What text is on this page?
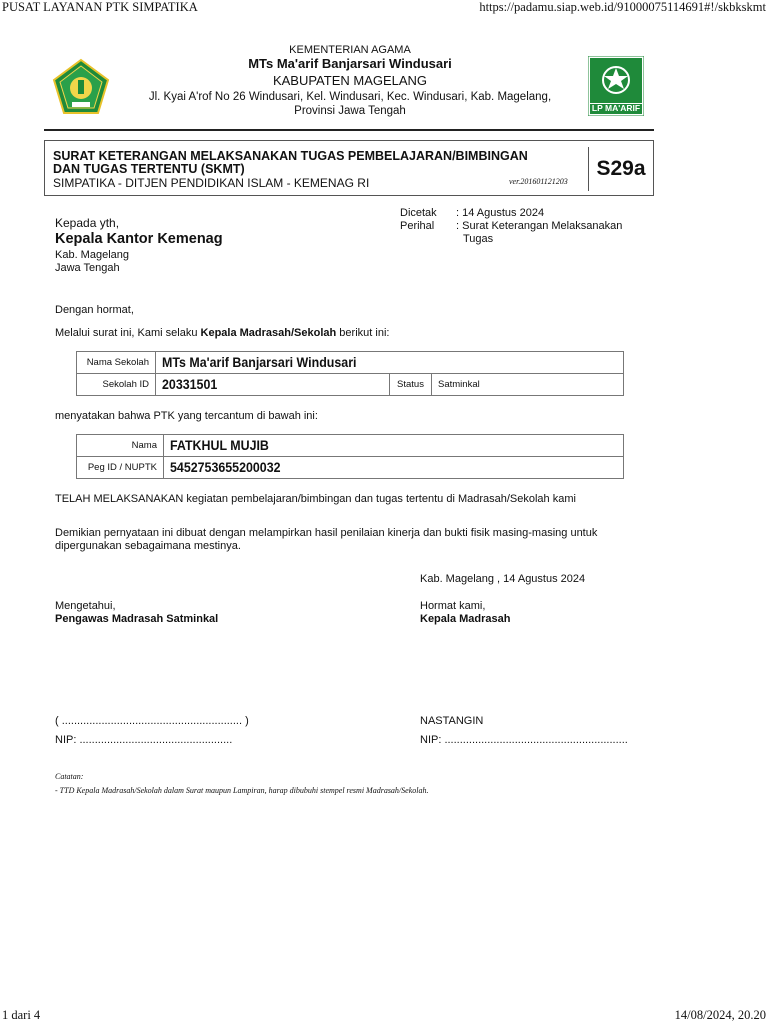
PUSAT LAYANAN PTK SIMPATIKA	https://padamu.siap.web.id/91000075114691#!/skbkskmt
LP MA'ARIF
KEMENTERIAN AGAMA
MTs Ma'arif Banjarsari Windusari
KABUPATEN MAGELANG
Jl. Kyai A'rof No 26 Windusari, Kel. Windusari, Kec. Windusari, Kab. Magelang,
Provinsi Jawa Tengah
SURAT KETERANGAN MELAKSANAKAN TUGAS PEMBELAJARAN/BIMBINGAN
DAN TUGAS TERTENTU (SKMT)
SIMPATIKA - DITJEN PENDIDIKAN ISLAM - KEMENAG RI	ver.201601121203
S29a
Kepada yth,
Kepala Kantor Kemenag
Kab. Magelang
Jawa Tengah
Dicetak : 14 Agustus 2024
Perihal : Surat Keterangan Melaksanakan
Tugas
Dengan hormat,
Melalui surat ini, Kami selaku Kepala Madrasah/Sekolah berikut ini:
Nama Sekolah	MTs Ma'arif Banjarsari Windusari		
Sekolah ID	20331501	Status	Satminkal
menyatakan bahwa PTK yang tercantum di bawah ini:
Nama	FATKHUL MUJIB
Peg ID / NUPTK	5452753655200032
TELAH MELAKSANAKAN kegiatan pembelajaran/bimbingan dan tugas tertentu di Madrasah/Sekolah kami
Demikian pernyataan ini dibuat dengan melampirkan hasil penilaian kinerja dan bukti fisik masing-masing untuk
dipergunakan sebagaimana mestinya.
Kab. Magelang , 14 Agustus 2024
Mengetahui,
Pengawas Madrasah Satminkal
( ........................................................... )
NIP: ..................................................
Hormat kami,
Kepala Madrasah
NASTANGIN
NIP: ............................................................
Catatan:
- TTD Kepala Madrasah/Sekolah dalam Surat maupun Lampiran, harap dibubuhi stempel resmi Madrasah/Sekolah.
1 dari 4	14/08/2024, 20.20
